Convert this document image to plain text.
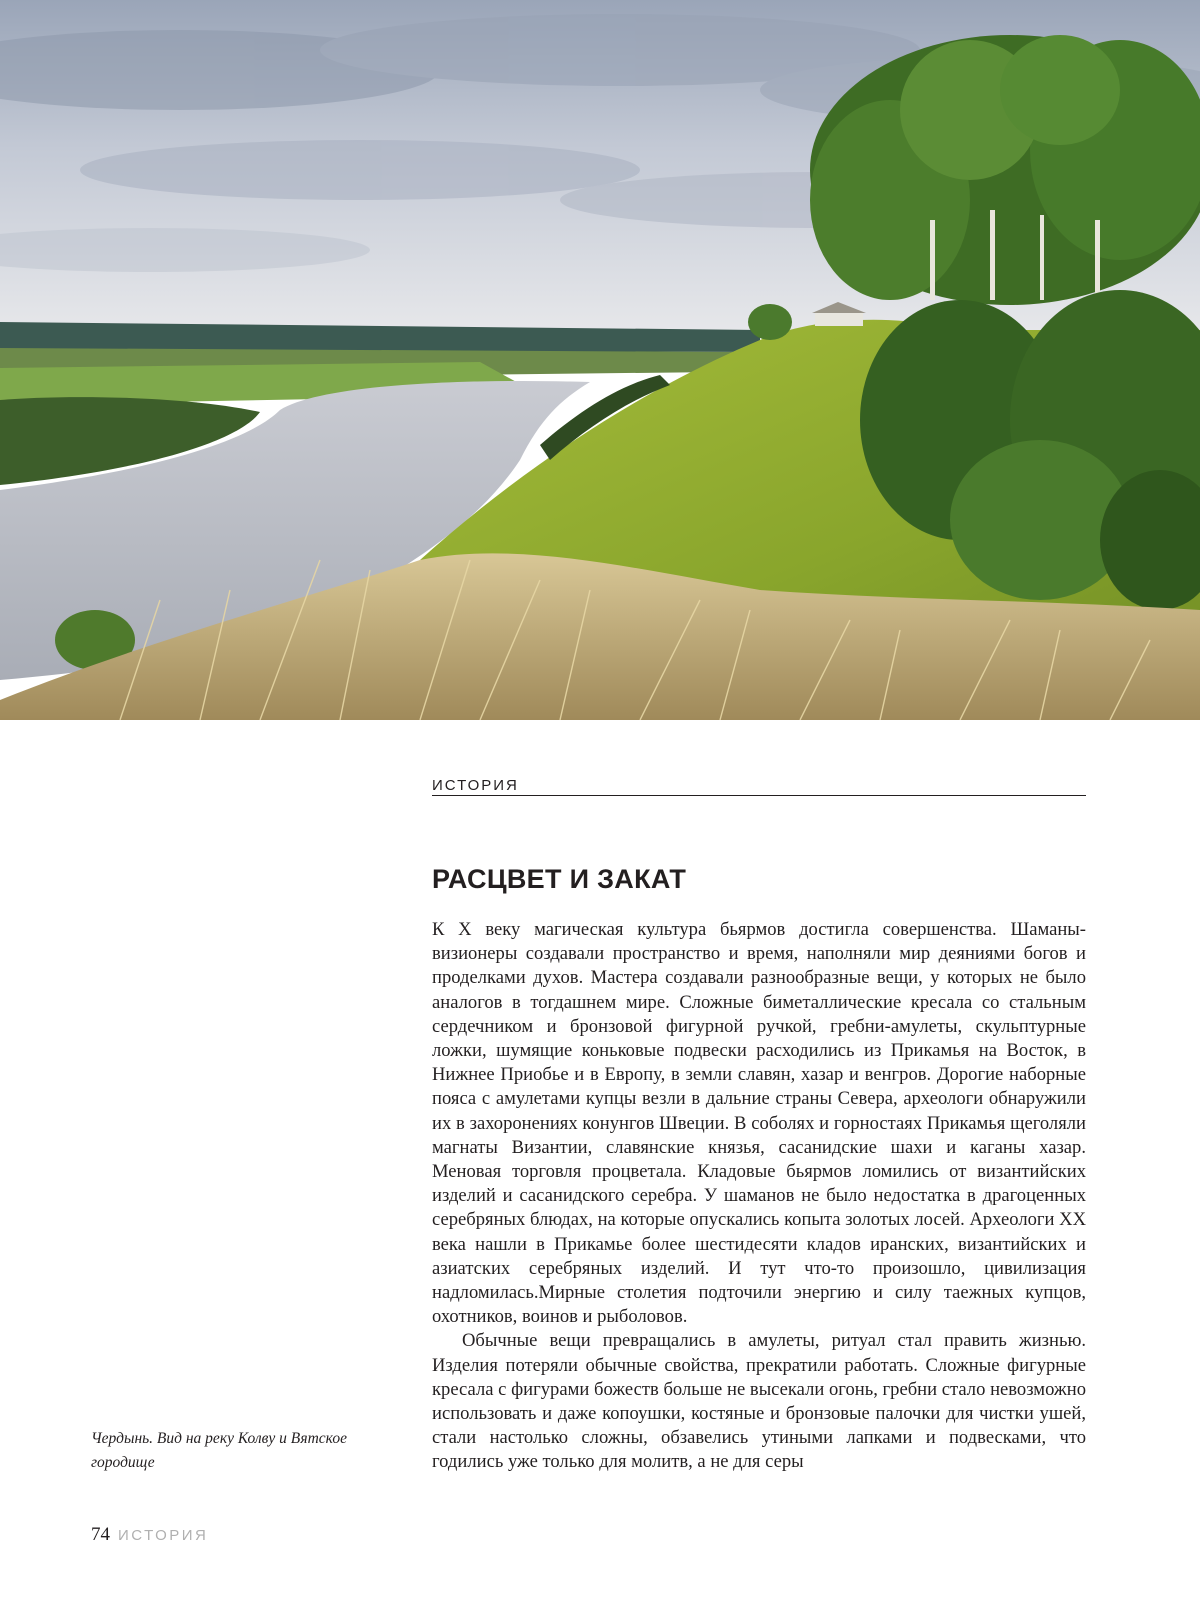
ИСТОРИЯ
РАСЦВЕТ И ЗАКАТ

К X веку магическая культура бьярмов достигла совершенства. Шаманы-визионеры создавали пространство и время, наполняли мир деяниями богов и проделками духов. Мастера создавали разнообразные вещи, у которых не было аналогов в тогдашнем мире. Сложные биметаллические кресала со стальным сердечником и бронзовой фигурной ручкой, гребни-амулеты, скульптурные ложки, шумящие коньковые подвески расходились из Прикамья на Восток, в Нижнее Приобье и в Европу, в земли славян, хазар и венгров. Дорогие наборные пояса с амулетами купцы везли в дальние страны Севера, археологи обнаружили их в захоронениях конунгов Швеции. В соболях и горностаях Прикамья щеголяли магнаты Византии, славянские князья, сасанидские шахи и каганы хазар. Меновая торговля процветала. Кладовые бьярмов ломились от византийских изделий и сасанидского серебра. У шаманов не было недостатка в драгоценных серебряных блюдах, на которые опускались копыта золотых лосей. Археологи XX века нашли в Прикамье более шестидесяти кладов иранских, византийских и азиатских серебряных изделий. И тут что-то произошло, цивилизация надломилась.Мирные столетия подточили энергию и силу таежных купцов, охотников, воинов и рыболовов.

Обычные вещи превращались в амулеты, ритуал стал править жизнью. Изделия потеряли обычные свойства, прекратили работать. Сложные фигурные кресала с фигурами божеств больше не высекали огонь, гребни стало невозможно использовать и даже копоушки, костяные и бронзовые палочки для чистки ушей, стали настолько сложны, обзавелись утиными лапками и подвесками, что годились уже только для молитв, а не для серы

Чердынь. Вид на реку Колву и Вятское городище
74 ИСТОРИЯ
